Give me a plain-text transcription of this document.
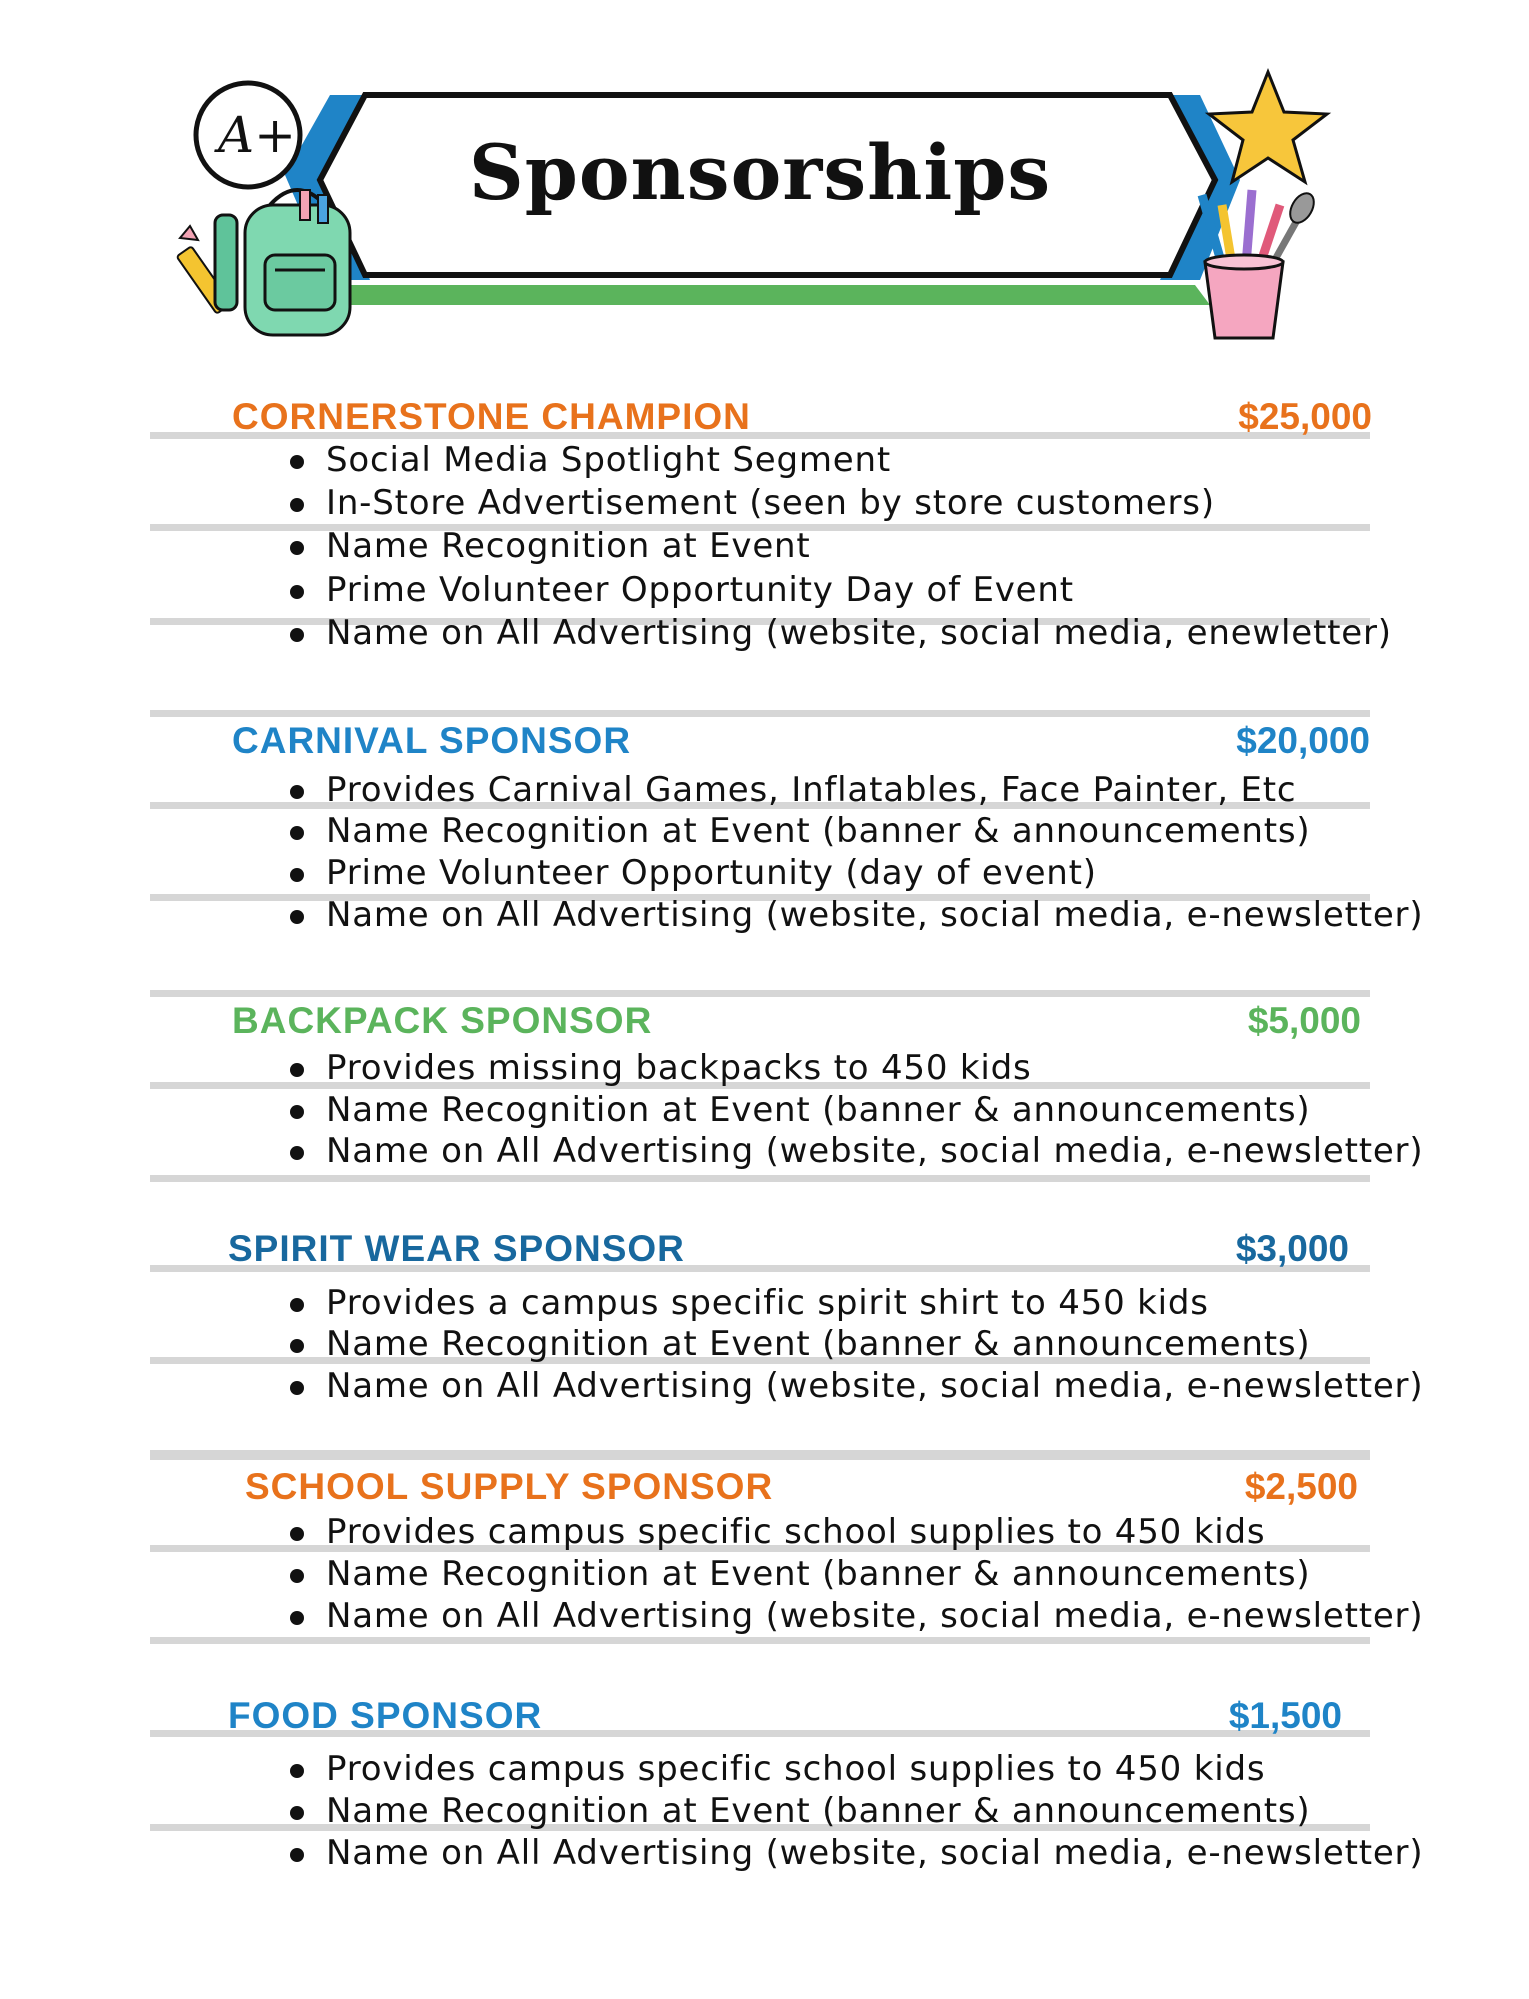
A+	Sponsorships
CORNERSTONE CHAMPION	$25,000
Social Media Spotlight Segment
In-Store Advertisement (seen by store customers)
Name Recognition at Event
Prime Volunteer Opportunity Day of Event
Name on All Advertising (website, social media, enewletter)
CARNIVAL SPONSOR	$20,000
Provides Carnival Games, Inflatables, Face Painter, Etc
Name Recognition at Event (banner & announcements)
Prime Volunteer Opportunity (day of event)
Name on All Advertising (website, social media, e-newsletter)
BACKPACK SPONSOR	$5,000
Provides missing backpacks to 450 kids
Name Recognition at Event (banner & announcements)
Name on All Advertising (website, social media, e-newsletter)
SPIRIT WEAR SPONSOR	$3,000
Provides a campus specific spirit shirt to 450 kids
Name Recognition at Event (banner & announcements)
Name on All Advertising (website, social media, e-newsletter)
SCHOOL SUPPLY SPONSOR	$2,500
Provides campus specific school supplies to 450 kids
Name Recognition at Event (banner & announcements)
Name on All Advertising (website, social media, e-newsletter)
FOOD SPONSOR	$1,500
Provides campus specific school supplies to 450 kids
Name Recognition at Event (banner & announcements)
Name on All Advertising (website, social media, e-newsletter)
